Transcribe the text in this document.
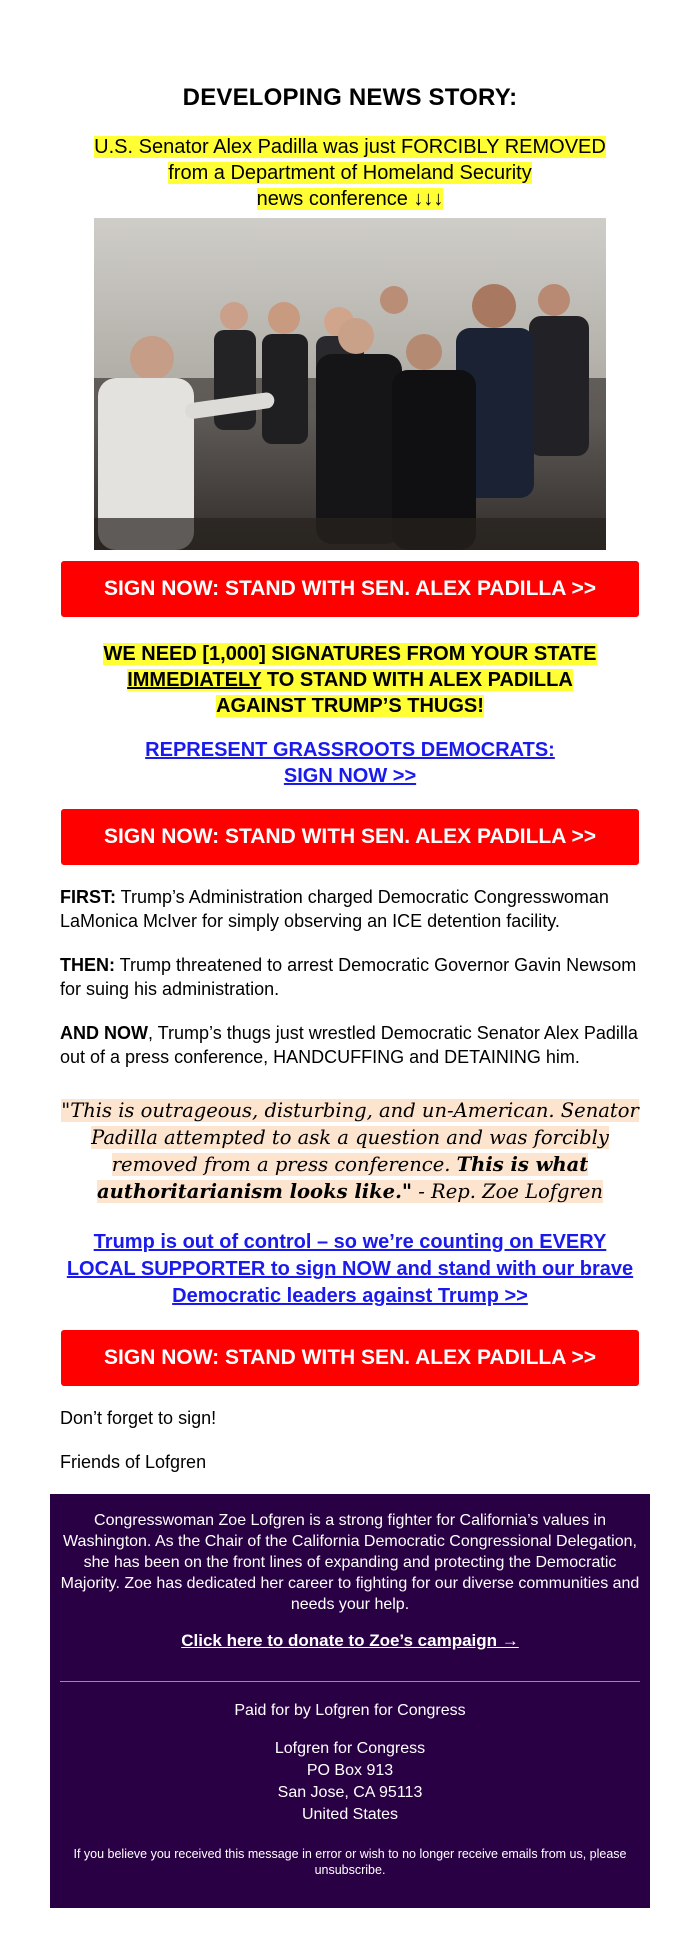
DEVELOPING NEWS STORY:

U.S. Senator Alex Padilla was just FORCIBLY REMOVED
from a Department of Homeland Security
news conference ↓↓↓

SIGN NOW: STAND WITH SEN. ALEX PADILLA >>

WE NEED [1,000] SIGNATURES FROM YOUR STATE
IMMEDIATELY TO STAND WITH ALEX PADILLA
AGAINST TRUMP’S THUGS!

REPRESENT GRASSROOTS DEMOCRATS:
SIGN NOW >>
SIGN NOW: STAND WITH SEN. ALEX PADILLA >>

FIRST: Trump’s Administration charged Democratic Congresswoman LaMonica McIver for simply observing an ICE detention facility.

THEN: Trump threatened to arrest Democratic Governor Gavin Newsom for suing his administration.

AND NOW, Trump’s thugs just wrestled Democratic Senator Alex Padilla out of a press conference, HANDCUFFING and DETAINING him.

"This is outrageous, disturbing, and un-American. Senator Padilla attempted to ask a question and was forcibly removed from a press conference. This is what authoritarianism looks like." - Rep. Zoe Lofgren

Trump is out of control – so we’re counting on EVERY LOCAL SUPPORTER to sign NOW and stand with our brave Democratic leaders against Trump >>
SIGN NOW: STAND WITH SEN. ALEX PADILLA >>

Don’t forget to sign!

Friends of Lofgren

Congresswoman Zoe Lofgren is a strong fighter for California’s values in Washington. As the Chair of the California Democratic Congressional Delegation, she has been on the front lines of expanding and protecting the Democratic Majority. Zoe has dedicated her career to fighting for our diverse communities and needs your help.

Click here to donate to Zoe’s campaign →

Paid for by Lofgren for Congress

Lofgren for Congress
PO Box 913
San Jose, CA 95113
United States

If you believe you received this message in error or wish to no longer receive emails from us, please unsubscribe.
